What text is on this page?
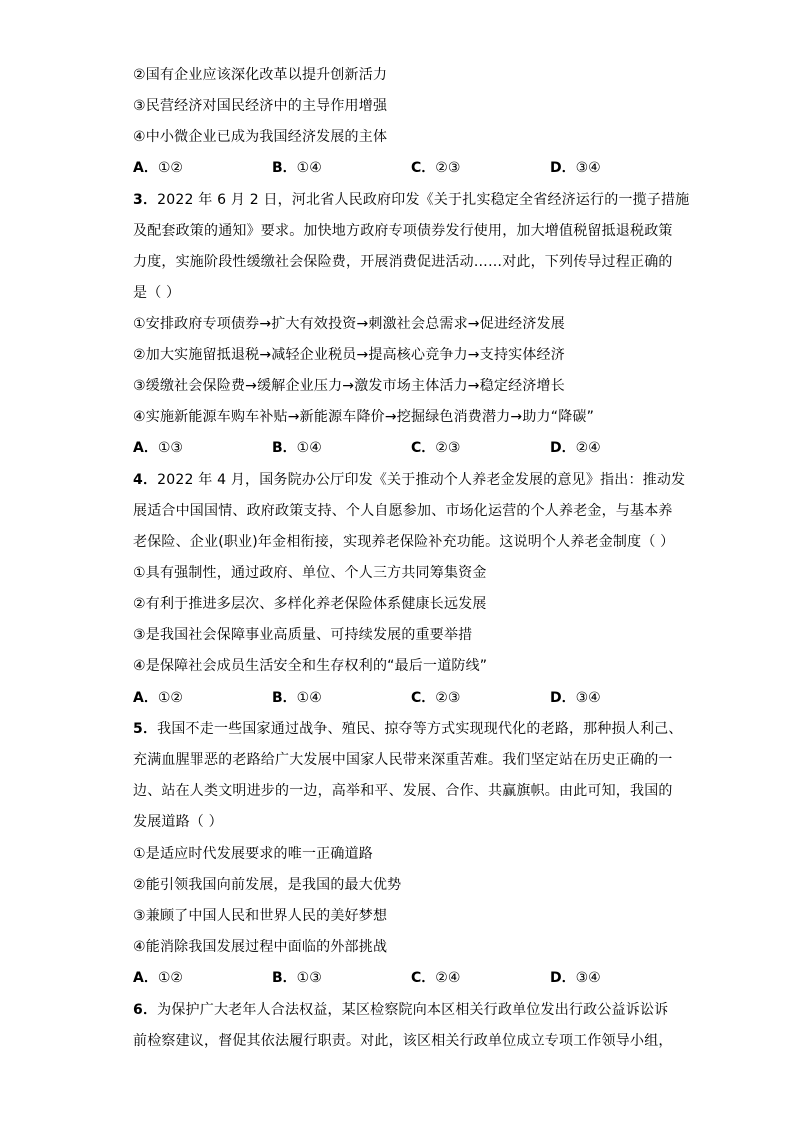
②国有企业应该深化改革以提升创新活力
③民营经济对国民经济中的主导作用增强
④中小微企业已成为我国经济发展的主体
A．①②	B．①④	C．②③	D．③④
3．2022 年 6 月 2 日，河北省人民政府印发《关于扎实稳定全省经济运行的一揽子措施
及配套政策的通知》要求。加快地方政府专项债券发行使用，加大增值税留抵退税政策
力度，实施阶段性缓缴社会保险费，开展消费促进活动……对此，下列传导过程正确的
是（ ）
①安排政府专项债券→扩大有效投资→刺激社会总需求→促进经济发展
②加大实施留抵退税→减轻企业税员→提高核心竞争力→支持实体经济
③缓缴社会保险费→缓解企业压力→激发市场主体活力→稳定经济增长
④实施新能源车购车补贴→新能源车降价→挖掘绿色消费潜力→助力“降碳”
A．①③	B．①④	C．②③	D．②④
4．2022 年 4 月，国务院办公厅印发《关于推动个人养老金发展的意见》指出：推动发
展适合中国国情、政府政策支持、个人自愿参加、市场化运营的个人养老金，与基本养
老保险、企业(职业)年金相衔接，实现养老保险补充功能。这说明个人养老金制度（ ）
①具有强制性，通过政府、单位、个人三方共同筹集资金
②有利于推进多层次、多样化养老保险体系健康长远发展
③是我国社会保障事业高质量、可持续发展的重要举措
④是保障社会成员生活安全和生存权利的“最后一道防线”
A．①②	B．①④	C．②③	D．③④
5．我国不走一些国家通过战争、殖民、掠夺等方式实现现代化的老路，那种损人利己、
充满血腥罪恶的老路给广大发展中国家人民带来深重苦难。我们坚定站在历史正确的一
边、站在人类文明进步的一边，高举和平、发展、合作、共赢旗帜。由此可知，我国的
发展道路（ ）
①是适应时代发展要求的唯一正确道路
②能引领我国向前发展，是我国的最大优势
③兼顾了中国人民和世界人民的美好梦想
④能消除我国发展过程中面临的外部挑战
A．①②	B．①③	C．②④	D．③④
6．为保护广大老年人合法权益，某区检察院向本区相关行政单位发出行政公益诉讼诉
前检察建议，督促其依法履行职责。对此，该区相关行政单位成立专项工作领导小组，
